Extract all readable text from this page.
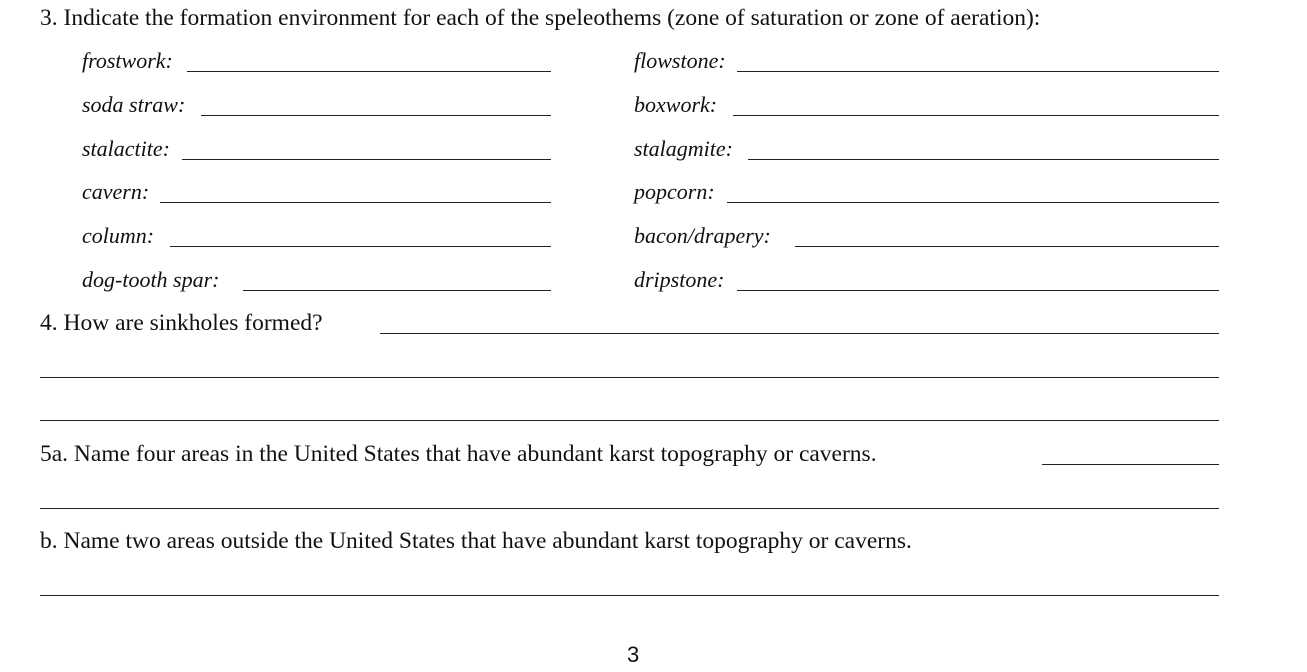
3. Indicate the formation environment for each of the speleothems (zone of saturation or zone of aeration):
frostwork:
soda straw:
stalactite:
cavern:
column:
dog-tooth spar:
flowstone:
boxwork:
stalagmite:
popcorn:
bacon/drapery:
dripstone:
4. How are sinkholes formed?
5a. Name four areas in the United States that have abundant karst topography or caverns.
b. Name two areas outside the United States that have abundant karst topography or caverns.
3
